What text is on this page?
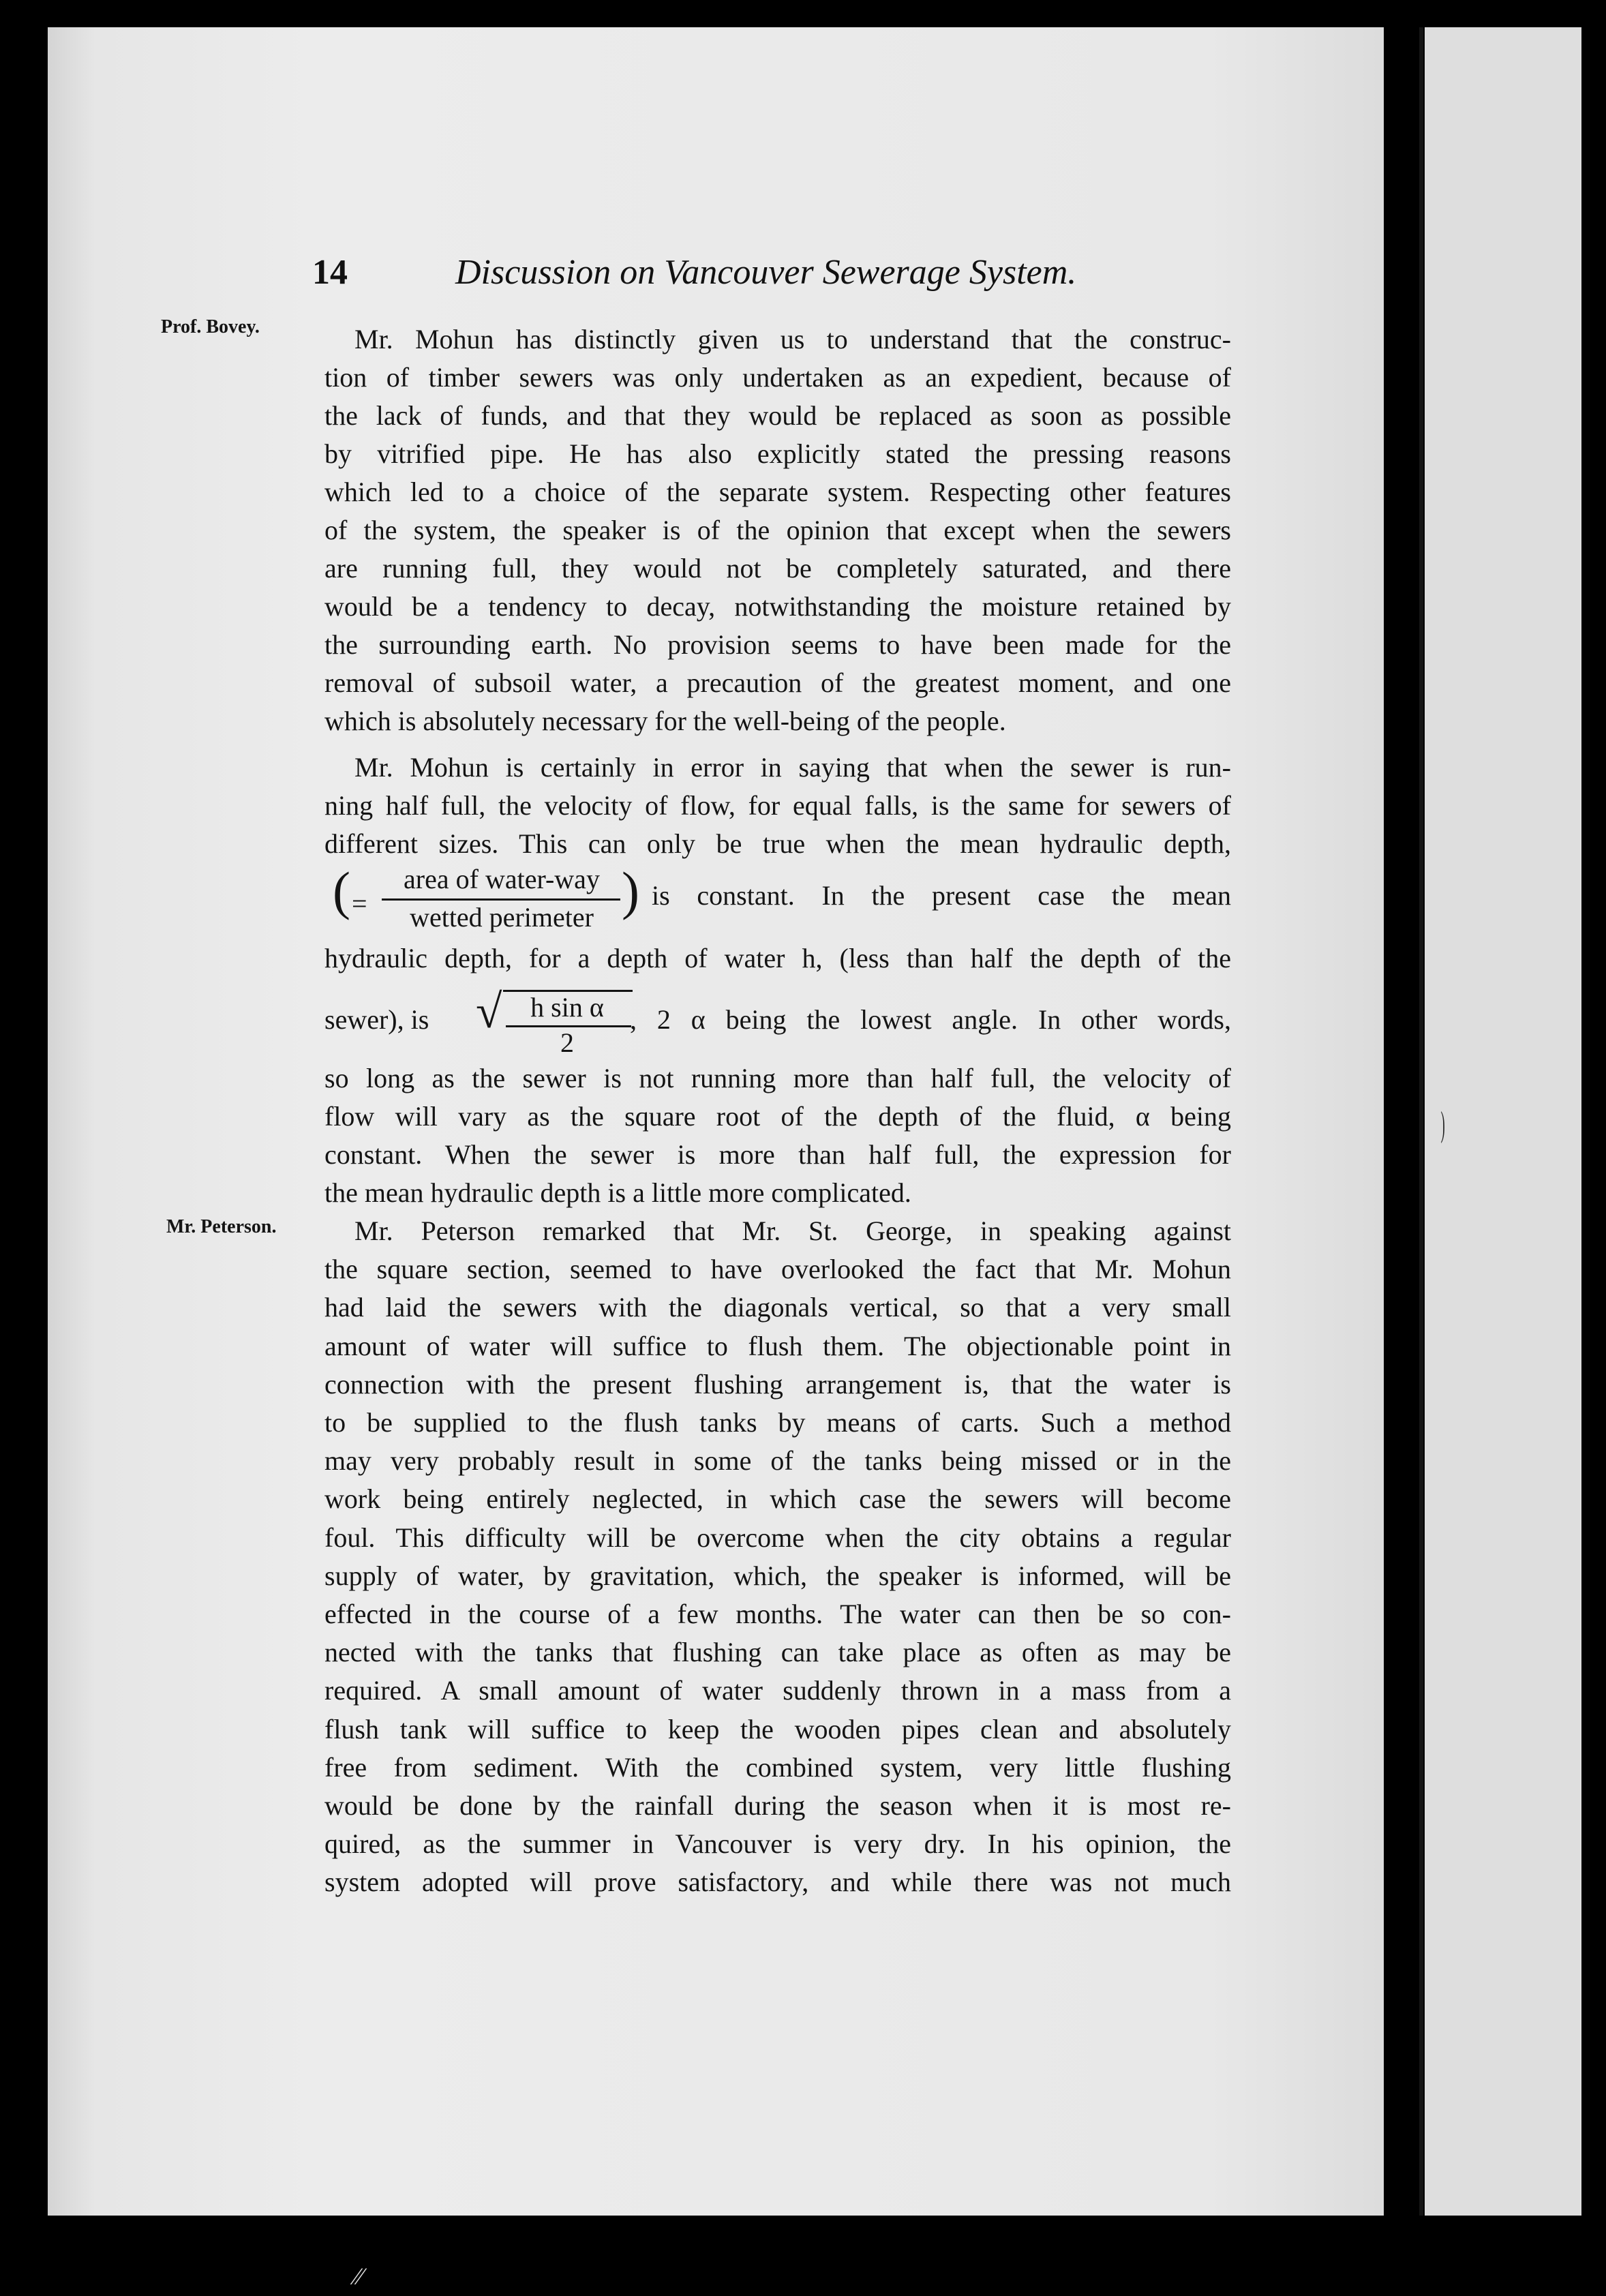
)
14	Discussion on Vancouver Sewerage System.
Prof. Bovey.
Mr. Peterson.
Mr. Mohun has distinctly given us to understand that the construc-
tion of timber sewers was only undertaken as an expedient, because of
the lack of funds, and that they would be replaced as soon as possible
by vitrified pipe. He has also explicitly stated the pressing reasons
which led to a choice of the separate system. Respecting other features
of the system, the speaker is of the opinion that except when the sewers
are running full, they would not be completely saturated, and there
would be a tendency to decay, notwithstanding the moisture retained by
the surrounding earth. No provision seems to have been made for the
removal of subsoil water, a precaution of the greatest moment, and one
which is absolutely necessary for the well-being of the people.
Mr. Mohun is certainly in error in saying that when the sewer is run-
ning half full, the velocity of flow, for equal falls, is the same for sewers of
different sizes. This can only be true when the mean hydraulic depth,
( =
area of water-way
wetted perimeter ) is constant. In the present case the mean
hydraulic depth, for a depth of water h, (less than half the depth of the
sewer), is √	h sin α
2
, 2 α being the lowest angle. In other words,
so long as the sewer is not running more than half full, the velocity of
flow will vary as the square root of the depth of the fluid, α being
constant. When the sewer is more than half full, the expression for
the mean hydraulic depth is a little more complicated.
Mr. Peterson remarked that Mr. St. George, in speaking against
the square section, seemed to have overlooked the fact that Mr. Mohun
had laid the sewers with the diagonals vertical, so that a very small
amount of water will suffice to flush them. The objectionable point in
connection with the present flushing arrangement is, that the water is
to be supplied to the flush tanks by means of carts. Such a method
may very probably result in some of the tanks being missed or in the
work being entirely neglected, in which case the sewers will become
foul. This difficulty will be overcome when the city obtains a regular
supply of water, by gravitation, which, the speaker is informed, will be
effected in the course of a few months. The water can then be so con-
nected with the tanks that flushing can take place as often as may be
required. A small amount of water suddenly thrown in a mass from a
flush tank will suffice to keep the wooden pipes clean and absolutely
free from sediment. With the combined system, very little flushing
would be done by the rainfall during the season when it is most re-
quired, as the summer in Vancouver is very dry. In his opinion, the
system adopted will prove satisfactory, and while there was not much
⁄⁄
